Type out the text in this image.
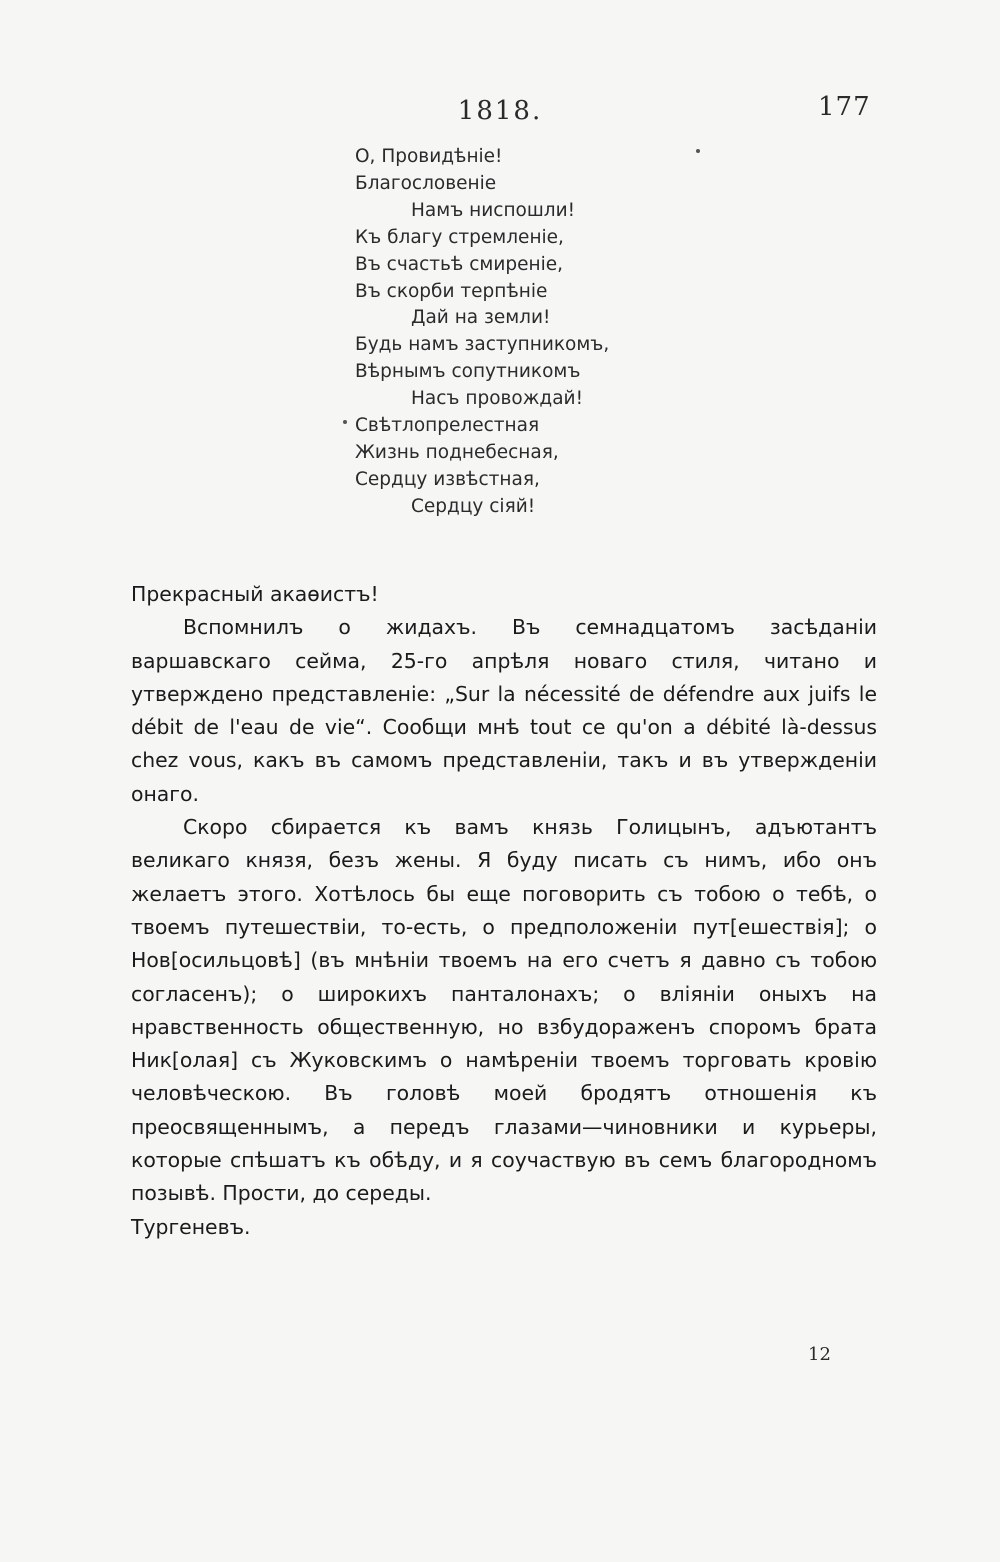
1818.	177
О, Провидѣніе!
Благословеніе
Намъ ниспошли!
Къ благу стремленіе,
Въ счастьѣ смиреніе,
Въ скорби терпѣніе
Дай на земли!
Будь намъ заступникомъ,
Вѣрнымъ сопутникомъ
Насъ провождай!
Свѣтлопрелестная
Жизнь поднебесная,
Сердцу извѣстная,
Сердцу сіяй!

Прекрасный акаѳистъ!

Вспомнилъ о жидахъ. Въ семнадцатомъ засѣданіи варшавскаго сейма, 25-го апрѣля новаго стиля, читано и утверждено представленіе: „Sur la nécessité de défendre aux juifs le débit de l'eau de vie“. Сообщи мнѣ tout ce qu'on a débité là-dessus chez vous, какъ въ самомъ представленіи, такъ и въ утвержденіи онаго.

Скоро сбирается къ вамъ князь Голицынъ, адъютантъ великаго князя, безъ жены. Я буду писать съ нимъ, ибо онъ желаетъ этого. Хотѣлось бы еще поговорить съ тобою о тебѣ, о твоемъ путешествіи, то-есть, о предположеніи пут[ешествія]; о Нов[осильцовѣ] (въ мнѣніи твоемъ на его счетъ я давно съ тобою согласенъ); о широкихъ панталонахъ; о вліяніи оныхъ на нравственность общественную, но взбудораженъ споромъ брата Ник[олая] съ Жуковскимъ о намѣреніи твоемъ торговать кровію человѣческою. Въ головѣ моей бродятъ отношенія къ преосвященнымъ, а передъ глазами—чиновники и курьеры, которые спѣшатъ къ обѣду, и я соучаствую въ семъ благородномъ позывѣ. Прости, до середы.

Тургеневъ.

12
